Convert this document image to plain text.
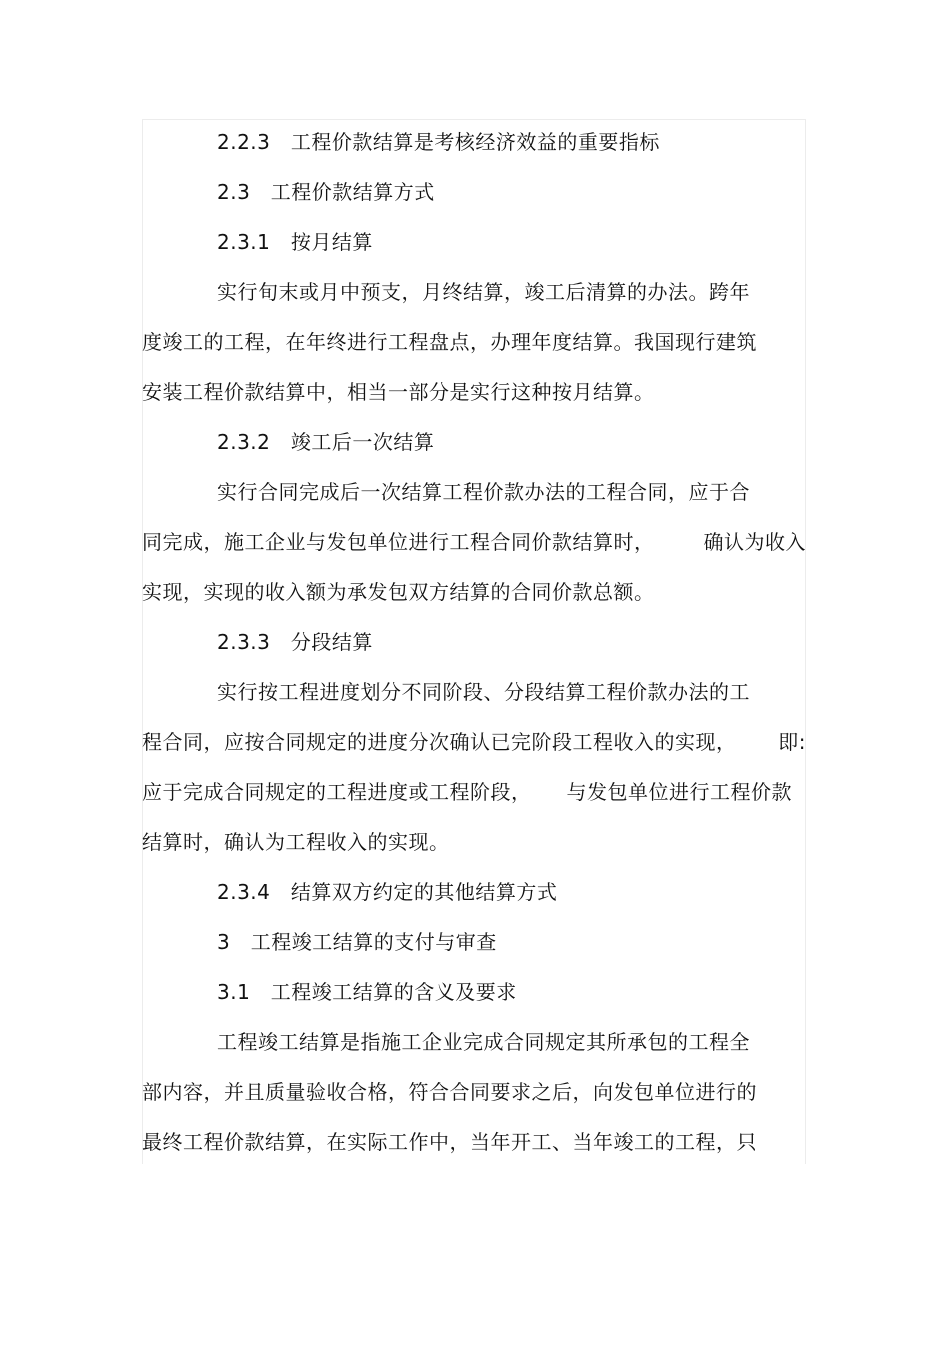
2.2.3　工程价款结算是考核经济效益的重要指标
2.3　工程价款结算方式
2.3.1　按月结算
实行旬末或月中预支，月终结算，竣工后清算的办法。跨年
度竣工的工程，在年终进行工程盘点，办理年度结算。我国现行建筑
安装工程价款结算中，相当一部分是实行这种按月结算。
2.3.2　竣工后一次结算
实行合同完成后一次结算工程价款办法的工程合同，应于合
同完成，施工企业与发包单位进行工程合同价款结算时， 确认为收入
实现，实现的收入额为承发包双方结算的合同价款总额。
2.3.3　分段结算
实行按工程进度划分不同阶段、分段结算工程价款办法的工
程合同，应按合同规定的进度分次确认已完阶段工程收入的实现， 即:
应于完成合同规定的工程进度或工程阶段， 与发包单位进行工程价款
结算时，确认为工程收入的实现。
2.3.4　结算双方约定的其他结算方式
3　工程竣工结算的支付与审查
3.1　工程竣工结算的含义及要求
工程竣工结算是指施工企业完成合同规定其所承包的工程全
部内容，并且质量验收合格，符合合同要求之后，向发包单位进行的
最终工程价款结算，在实际工作中，当年开工、当年竣工的工程，只
